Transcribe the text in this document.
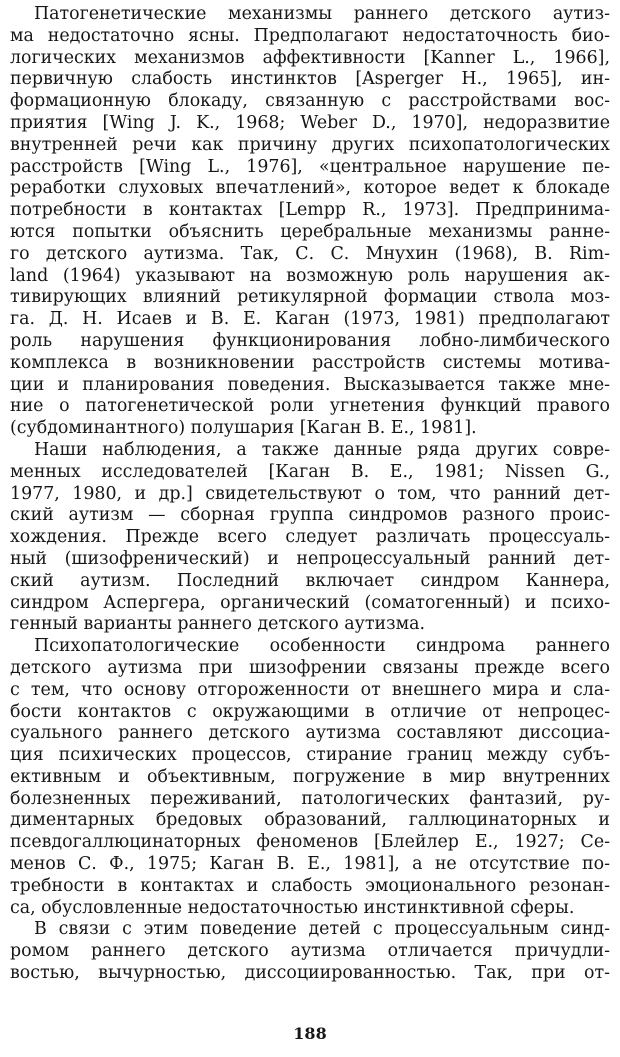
Патогенетические механизмы раннего детского аутиз-
ма недостаточно ясны. Предполагают недостаточность био-
логических механизмов аффективности [Kanner L., 1966],
первичную слабость инстинктов [Asperger H., 1965], ин-
формационную блокаду, связанную с расстройствами вос-
приятия [Wing J. K., 1968; Weber D., 1970], недоразвитие
внутренней речи как причину других психопатологических
расстройств [Wing L., 1976], «центральное нарушение пе-
реработки слуховых впечатлений», которое ведет к блокаде
потребности в контактах [Lempp R., 1973]. Предпринима-
ются попытки объяснить церебральные механизмы ранне-
го детского аутизма. Так, С. С. Мнухин (1968), B. Rim-
land (1964) указывают на возможную роль нарушения ак-
тивирующих влияний ретикулярной формации ствола моз-
га. Д. Н. Исаев и В. Е. Каган (1973, 1981) предполагают
роль нарушения функционирования лобно-лимбического
комплекса в возникновении расстройств системы мотива-
ции и планирования поведения. Высказывается также мне-
ние о патогенетической роли угнетения функций правого
(субдоминантного) полушария [Каган В. Е., 1981].
Наши наблюдения, а также данные ряда других совре-
менных исследователей [Каган В. Е., 1981; Nissen G.,
1977, 1980, и др.] свидетельствуют о том, что ранний дет-
ский аутизм — сборная группа синдромов разного проис-
хождения. Прежде всего следует различать процессуаль-
ный (шизофренический) и непроцессуальный ранний дет-
ский аутизм. Последний включает синдром Каннера,
синдром Аспергера, органический (соматогенный) и психо-
генный варианты раннего детского аутизма.
Психопатологические особенности синдрома раннего
детского аутизма при шизофрении связаны прежде всего
с тем, что основу отгороженности от внешнего мира и сла-
бости контактов с окружающими в отличие от непроцес-
суального раннего детского аутизма составляют диссоциа-
ция психических процессов, стирание границ между субъ-
ективным и объективным, погружение в мир внутренних
болезненных переживаний, патологических фантазий, ру-
диментарных бредовых образований, галлюцинаторных и
псевдогаллюцинаторных феноменов [Блейлер Е., 1927; Се-
менов С. Ф., 1975; Каган В. Е., 1981], а не отсутствие по-
требности в контактах и слабость эмоционального резонан-
са, обусловленные недостаточностью инстинктивной сферы.
В связи с этим поведение детей с процессуальным синд-
ромом раннего детского аутизма отличается причудли-
востью, вычурностью, диссоциированностью. Так, при от-
188
